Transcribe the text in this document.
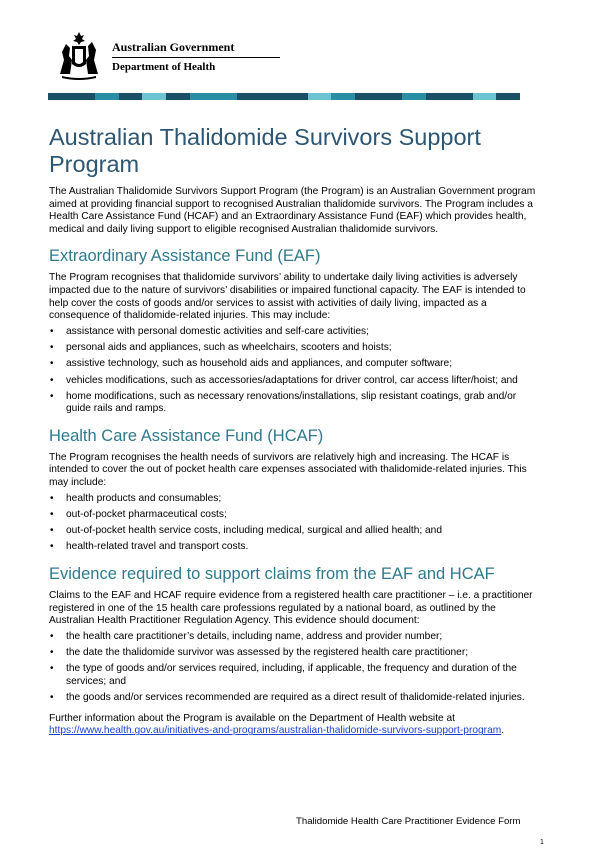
Australian Government
Department of Health
Australian Thalidomide Survivors Support Program

The Australian Thalidomide Survivors Support Program (the Program) is an Australian Government program aimed at providing financial support to recognised Australian thalidomide survivors. The Program includes a Health Care Assistance Fund (HCAF) and an Extraordinary Assistance Fund (EAF) which provides health, medical and daily living support to eligible recognised Australian thalidomide survivors.

Extraordinary Assistance Fund (EAF)

The Program recognises that thalidomide survivors’ ability to undertake daily living activities is adversely impacted due to the nature of survivors’ disabilities or impaired functional capacity. The EAF is intended to help cover the costs of goods and/or services to assist with activities of daily living, impacted as a consequence of thalidomide-related injuries. This may include:

• assistance with personal domestic activities and self-care activities;
• personal aids and appliances, such as wheelchairs, scooters and hoists;
• assistive technology, such as household aids and appliances, and computer software;
• vehicles modifications, such as accessories/adaptations for driver control, car access lifter/hoist; and
• home modifications, such as necessary renovations/installations, slip resistant coatings, grab and/or guide rails and ramps.
Health Care Assistance Fund (HCAF)

The Program recognises the health needs of survivors are relatively high and increasing. The HCAF is intended to cover the out of pocket health care expenses associated with thalidomide-related injuries. This may include:

• health products and consumables;
• out-of-pocket pharmaceutical costs;
• out-of-pocket health service costs, including medical, surgical and allied health; and
• health-related travel and transport costs.
Evidence required to support claims from the EAF and HCAF

Claims to the EAF and HCAF require evidence from a registered health care practitioner – i.e. a practitioner registered in one of the 15 health care professions regulated by a national board, as outlined by the Australian Health Practitioner Regulation Agency. This evidence should document:

• the health care practitioner’s details, including name, address and provider number;
• the date the thalidomide survivor was assessed by the registered health care practitioner;
• the type of goods and/or services required, including, if applicable, the frequency and duration of the services; and
• the goods and/or services recommended are required as a direct result of thalidomide-related injuries.

Further information about the Program is available on the Department of Health website at https://www.health.gov.au/initiatives-and-programs/australian-thalidomide-survivors-support-program.

Thalidomide Health Care Practitioner Evidence Form
1
